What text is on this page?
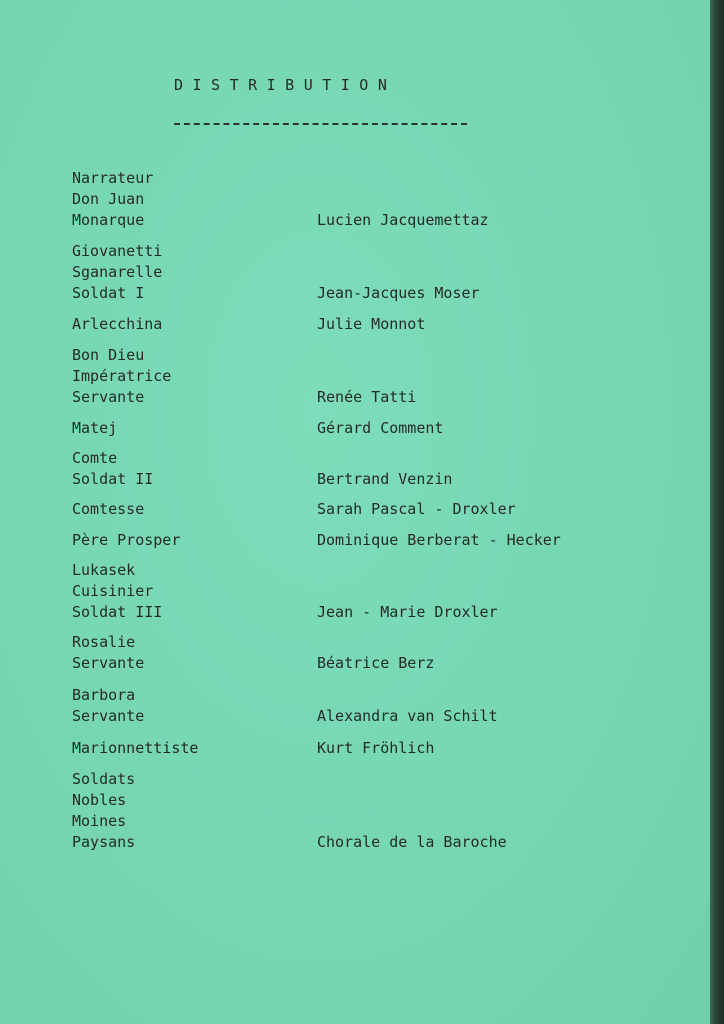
DISTRIBUTION
Narrateur
Don Juan
Monarque
Giovanetti
Sganarelle
Soldat I
Arlecchina
Bon Dieu
Impératrice
Servante
Matej
Comte
Soldat II
Comtesse
Père Prosper
Lukasek
Cuisinier
Soldat III
Rosalie
Servante
Barbora
Servante
Marionnettiste
Soldats
Nobles
Moines
Paysans
Lucien Jacquemettaz
Jean-Jacques Moser
Julie Monnot
Renée Tatti
Gérard Comment
Bertrand Venzin
Sarah Pascal - Droxler
Dominique Berberat - Hecker
Jean - Marie Droxler
Béatrice Berz
Alexandra van Schilt
Kurt Fröhlich
Chorale de la Baroche
